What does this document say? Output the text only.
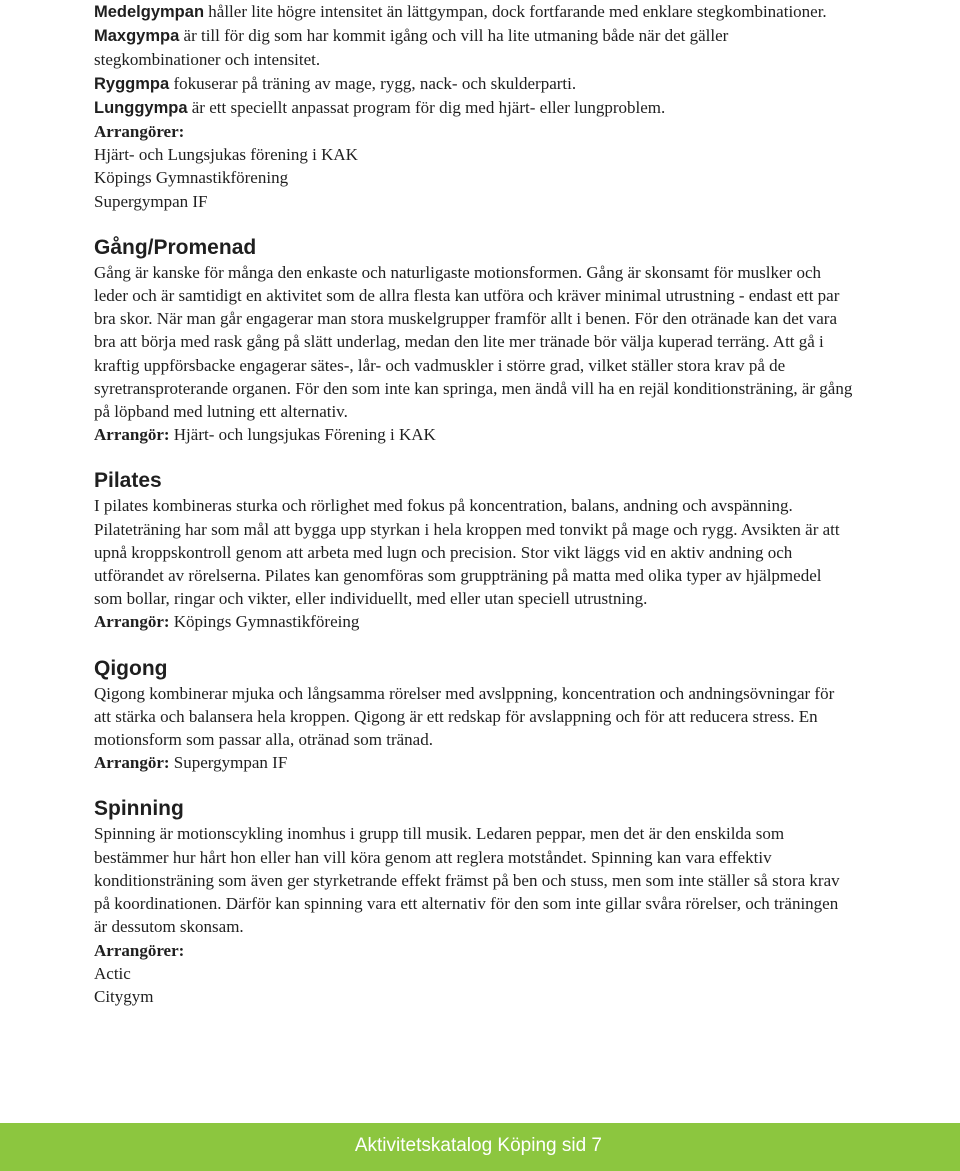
Medelgympan håller lite högre intensitet än lättgympan, dock fortfarande med enklare stegkombinationer.

Maxgympa är till för dig som har kommit igång och vill ha lite utmaning både när det gäller stegkombinationer och intensitet.

Ryggmpa fokuserar på träning av mage, rygg, nack- och skulderparti.

Lunggympa är ett speciellt anpassat program för dig med hjärt- eller lungproblem.

Arrangörer:

Hjärt- och Lungsjukas förening i KAK

Köpings Gymnastikförening

Supergympan IF

Gång/Promenad

Gång är kanske för många den enkaste och naturligaste motionsformen. Gång är skonsamt för muslker och leder och är samtidigt en aktivitet som de allra flesta kan utföra och kräver minimal utrustning - endast ett par bra skor. När man går engagerar man stora muskelgrupper framför allt i benen. För den otränade kan det vara bra att börja med rask gång på slätt underlag, medan den lite mer tränade bör välja kuperad terräng. Att gå i kraftig uppförsbacke engagerar sätes-, lår- och vadmuskler i större grad, vilket ställer stora krav på de syretransproterande organen. För den som inte kan springa, men ändå vill ha en rejäl konditionsträning, är gång på löpband med lutning ett alternativ.

Arrangör: Hjärt- och lungsjukas Förening i KAK

Pilates

I pilates kombineras sturka och rörlighet med fokus på koncentration, balans, andning och avspänning. Pilateträning har som mål att bygga upp styrkan i hela kroppen med tonvikt på mage och rygg. Avsikten är att upnå kroppskontroll genom att arbeta med lugn och precision. Stor vikt läggs vid en aktiv andning och utförandet av rörelserna. Pilates kan genomföras som gruppträning på matta med olika typer av hjälpmedel som bollar, ringar och vikter, eller individuellt, med eller utan speciell utrustning.

Arrangör: Köpings Gymnastikföreing

Qigong

Qigong kombinerar mjuka och långsamma rörelser med avslppning, koncentration och andningsövningar för att stärka och balansera hela kroppen. Qigong är ett redskap för avslappning och för att reducera stress. En motionsform som passar alla, otränad som tränad.

Arrangör: Supergympan IF

Spinning

Spinning är motionscykling inomhus i grupp till musik. Ledaren peppar, men det är den enskilda som bestämmer hur hårt hon eller han vill köra genom att reglera motståndet. Spinning kan vara effektiv konditionsträning som även ger styrketrande effekt främst på ben och stuss, men som inte ställer så stora krav på koordinationen. Därför kan spinning vara ett alternativ för den som inte gillar svåra rörelser, och träningen är dessutom skonsam.

Arrangörer:

Actic

Citygym

Aktivitetskatalog Köping sid 7
